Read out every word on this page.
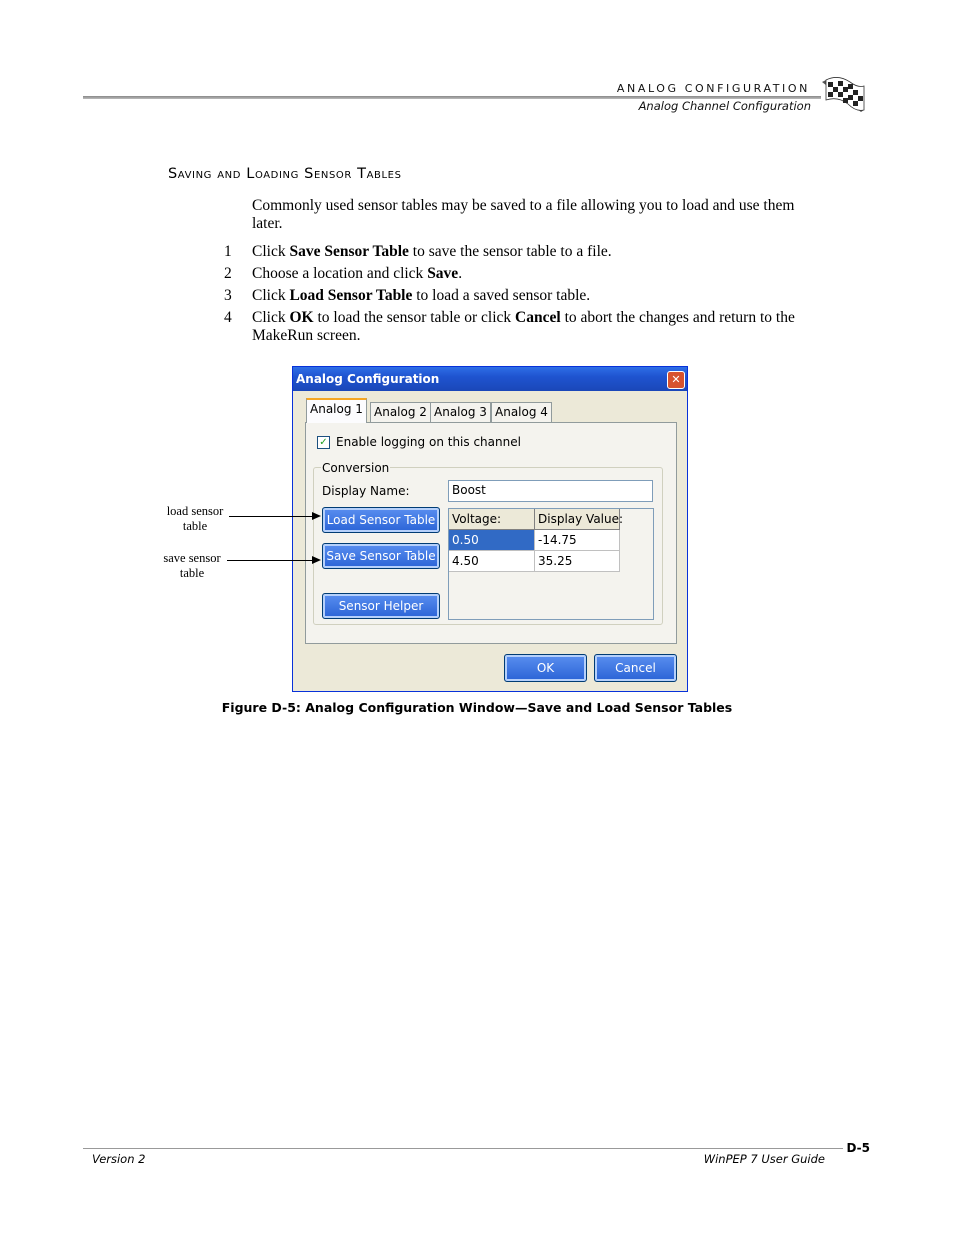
ANALOG CONFIGURATION
Analog Channel Configuration
Saving and Loading Sensor Tables
Commonly used sensor tables may be saved to a file allowing you to load and use them later.
1	Click Save Sensor Table to save the sensor table to a file.
2	Choose a location and click Save.
3	Click Load Sensor Table to load a saved sensor table.
4	Click OK to load the sensor table or click Cancel to abort the changes and return to the MakeRun screen.
Analog Configuration	✕
Analog 1 Analog 2 Analog 3 Analog 4
✓ Enable logging on this channel
Conversion
Display Name:	Boost
Load Sensor Table
Save Sensor Table
Sensor Helper
Voltage:	Display Value:
0.50	-14.75
4.50	35.25
OK	Cancel
load sensor
table
save sensor
table
Figure D-5: Analog Configuration Window—Save and Load Sensor Tables
D-5
Version 2	WinPEP 7 User Guide
